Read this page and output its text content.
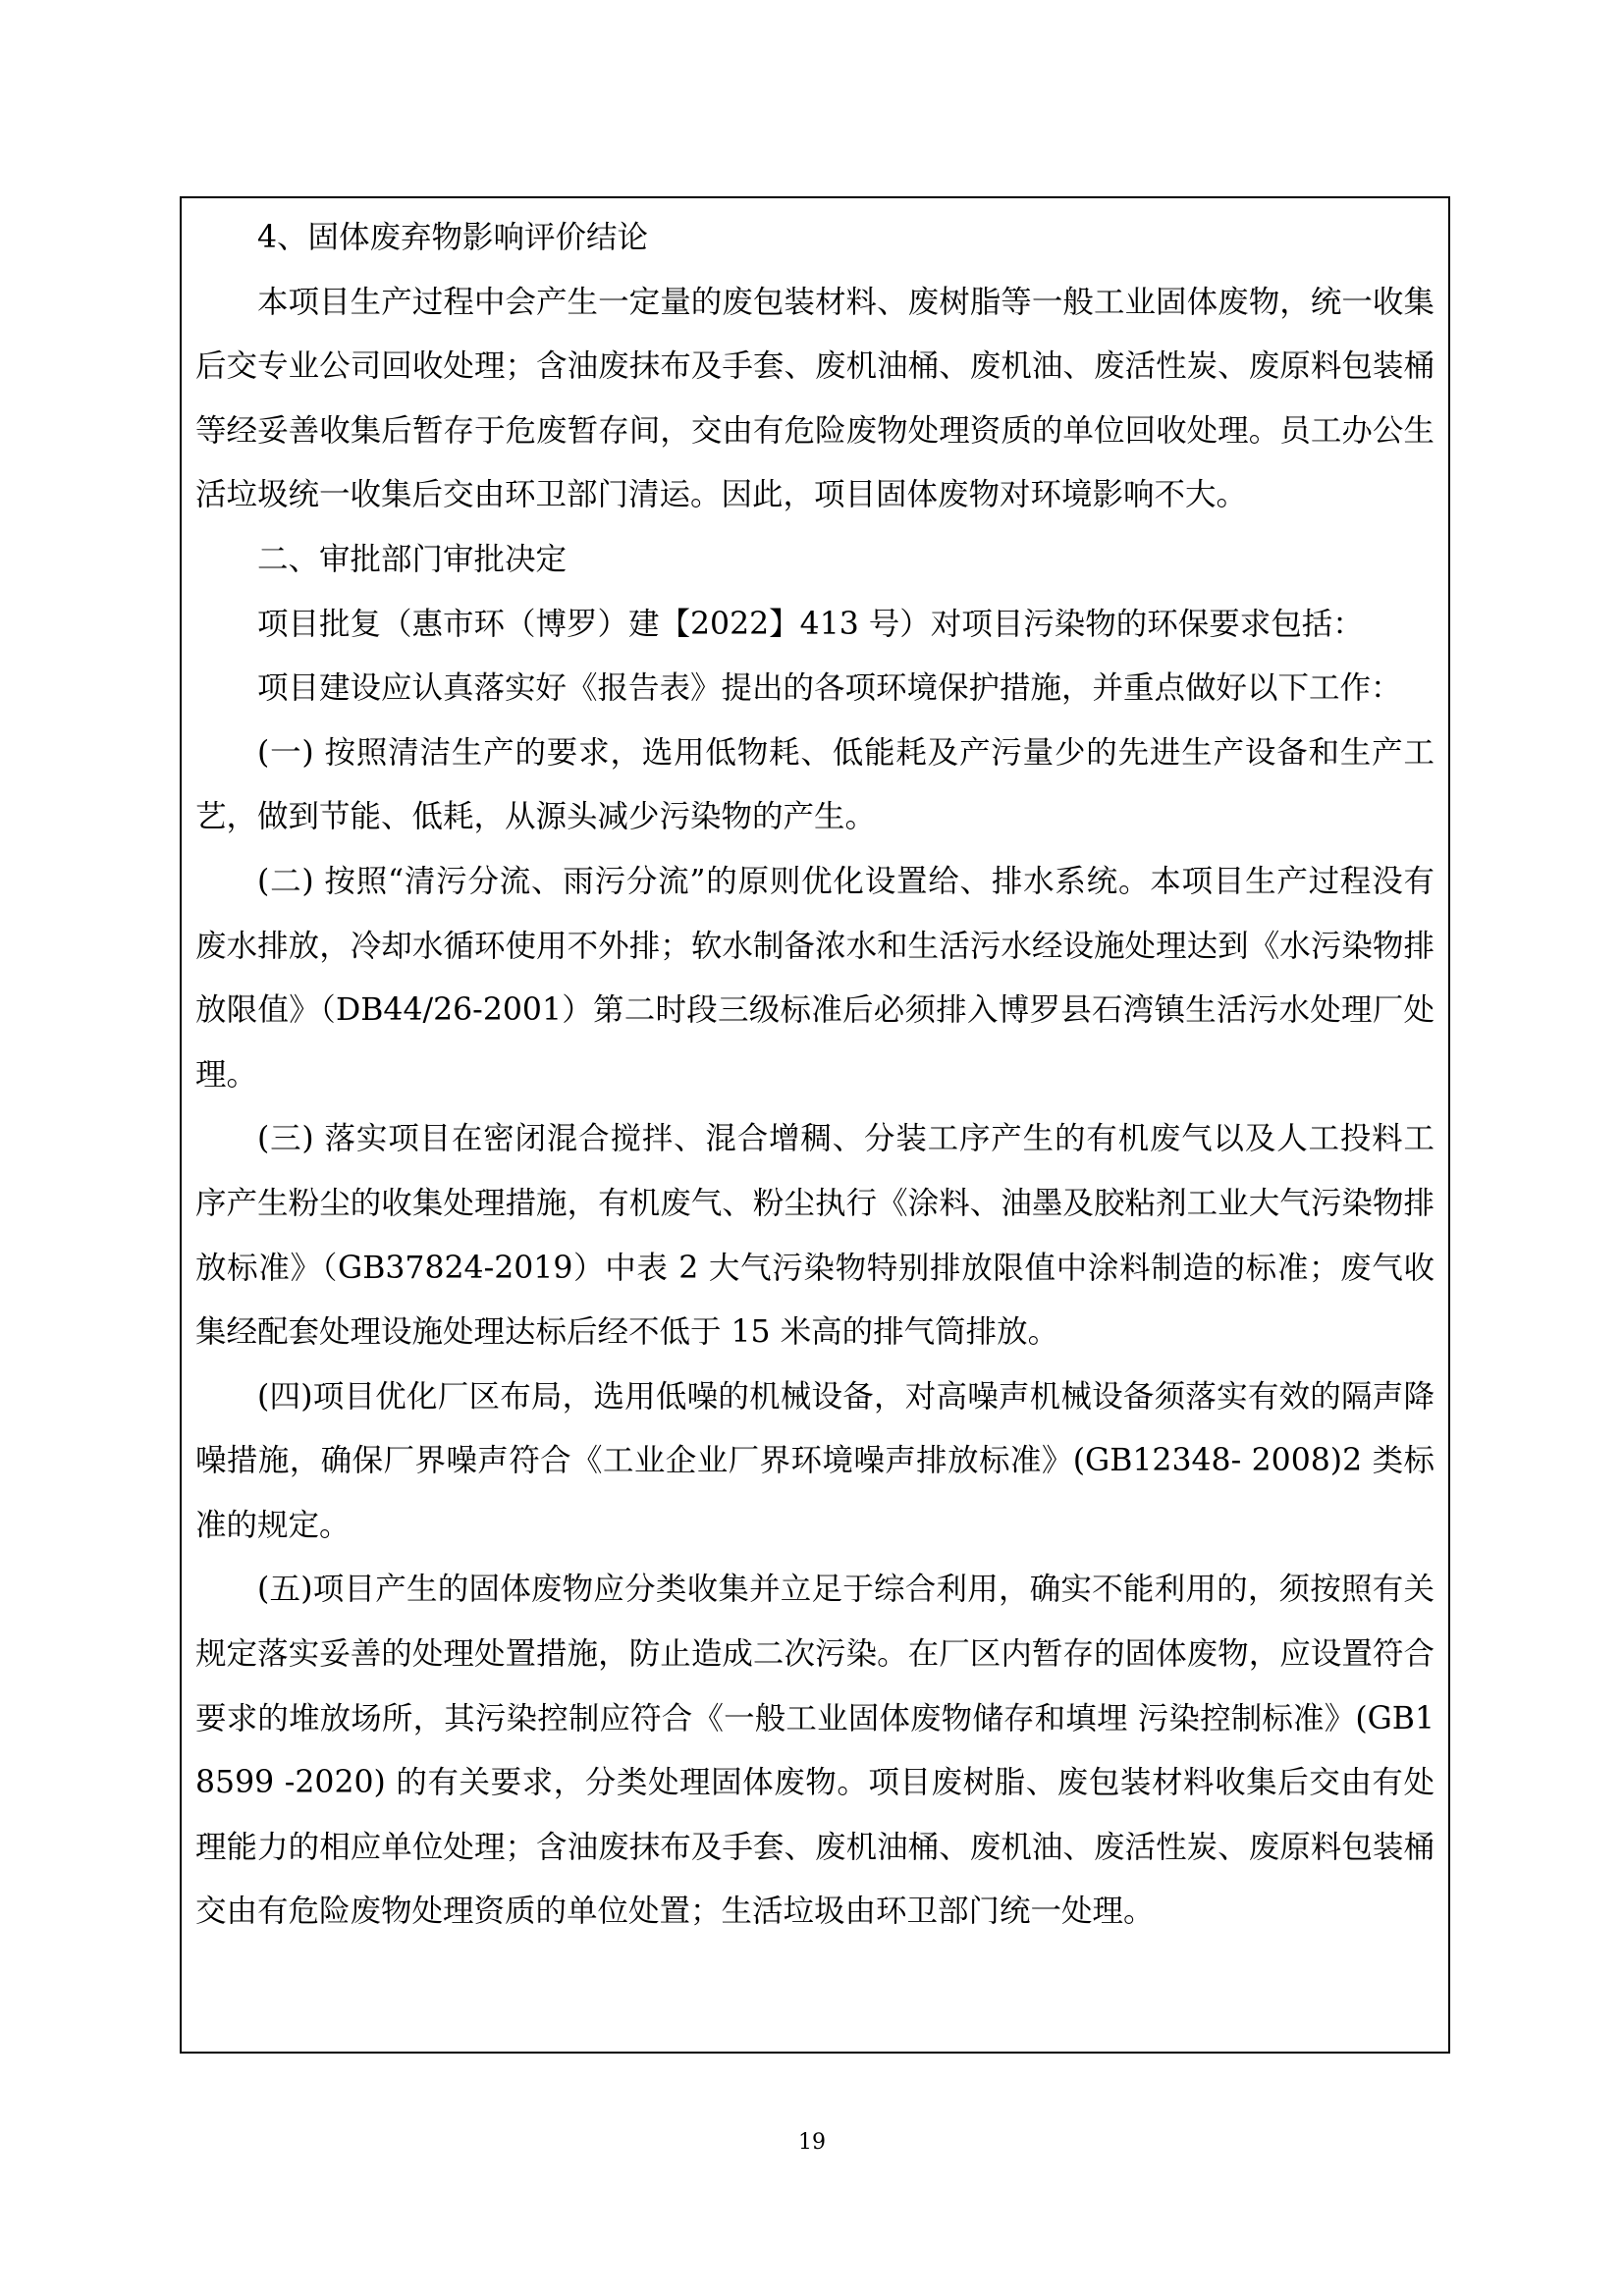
4、固体废弃物影响评价结论

本项目生产过程中会产生一定量的废包装材料、废树脂等一般工业固体废物，统一收集后交专业公司回收处理；含油废抹布及手套、废机油桶、废机油、废活性炭、废原料包装桶等经妥善收集后暂存于危废暂存间，交由有危险废物处理资质的单位回收处理。员工办公生活垃圾统一收集后交由环卫部门清运。因此，项目固体废物对环境影响不大。

二、审批部门审批决定

项目批复（惠市环（博罗）建【2022】413 号）对项目污染物的环保要求包括：

项目建设应认真落实好《报告表》提出的各项环境保护措施，并重点做好以下工作：

(一) 按照清洁生产的要求，选用低物耗、低能耗及产污量少的先进生产设备和生产工艺，做到节能、低耗，从源头减少污染物的产生。

(二) 按照“清污分流、雨污分流”的原则优化设置给、排水系统。本项目生产过程没有废水排放，冷却水循环使用不外排；软水制备浓水和生活污水经设施处理达到《水污染物排放限值》（DB44/26-2001）第二时段三级标准后必须排入博罗县石湾镇生活污水处理厂处理。

(三) 落实项目在密闭混合搅拌、混合增稠、分装工序产生的有机废气以及人工投料工序产生粉尘的收集处理措施，有机废气、粉尘执行《涂料、油墨及胶粘剂工业大气污染物排放标准》（GB37824-2019）中表 2 大气污染物特别排放限值中涂料制造的标准；废气收集经配套处理设施处理达标后经不低于 15 米高的排气筒排放。

(四)项目优化厂区布局，选用低噪的机械设备，对高噪声机械设备须落实有效的隔声降噪措施，确保厂界噪声符合《工业企业厂界环境噪声排放标准》(GB12348- 2008)2 类标准的规定。

(五)项目产生的固体废物应分类收集并立足于综合利用，确实不能利用的，须按照有关规定落实妥善的处理处置措施，防止造成二次污染。在厂区内暂存的固体废物，应设置符合要求的堆放场所，其污染控制应符合《一般工业固体废物储存和填埋 污染控制标准》(GB18599 -2020) 的有关要求，分类处理固体废物。项目废树脂、废包装材料收集后交由有处理能力的相应单位处理；含油废抹布及手套、废机油桶、废机油、废活性炭、废原料包装桶交由有危险废物处理资质的单位处置；生活垃圾由环卫部门统一处理。

19
